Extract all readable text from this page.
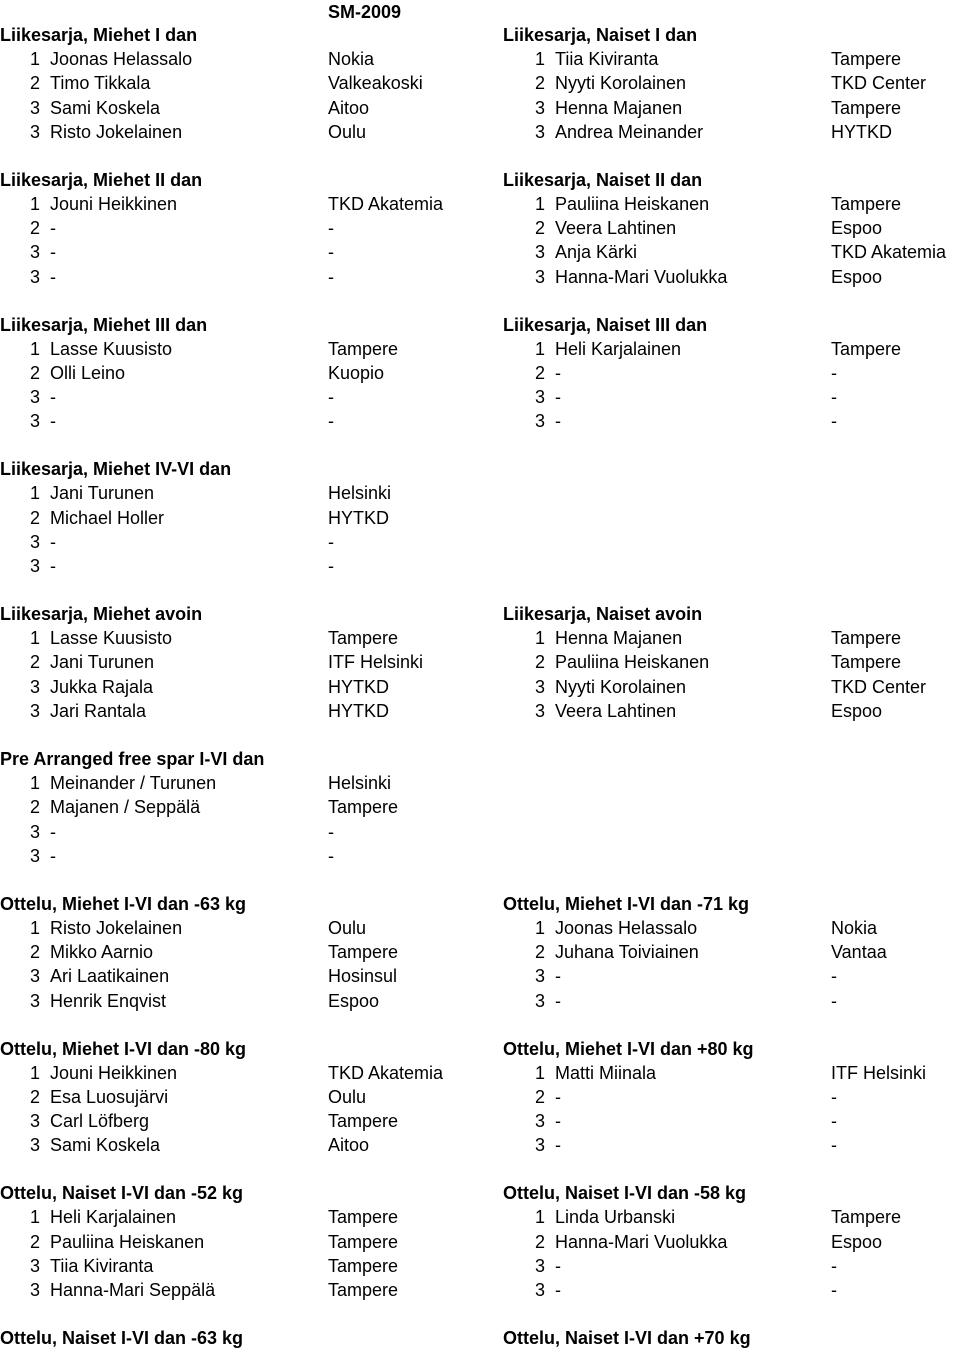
SM-2009
Liikesarja, Miehet I dan
1 Joonas Helassalo	Nokia
2 Timo Tikkala	Valkeakoski
3 Sami Koskela	Aitoo
3 Risto Jokelainen	Oulu
Liikesarja, Naiset I dan
1 Tiia Kiviranta	Tampere
2 Nyyti Korolainen	TKD Center
3 Henna Majanen	Tampere
3 Andrea Meinander	HYTKD
Liikesarja, Miehet II dan
1 Jouni Heikkinen	TKD Akatemia
2 -	-
3 -	-
3 -	-
Liikesarja, Naiset II dan
1 Pauliina Heiskanen	Tampere
2 Veera Lahtinen	Espoo
3 Anja Kärki	TKD Akatemia
3 Hanna-Mari Vuolukka	Espoo
Liikesarja, Miehet III dan
1 Lasse Kuusisto	Tampere
2 Olli Leino	Kuopio
3 -	-
3 -	-
Liikesarja, Naiset III dan
1 Heli Karjalainen	Tampere
2 -	-
3 -	-
3 -	-
Liikesarja, Miehet IV-VI dan
1 Jani Turunen	Helsinki
2 Michael Holler	HYTKD
3 -	-
3 -	-
Liikesarja, Miehet avoin
1 Lasse Kuusisto	Tampere
2 Jani Turunen	ITF Helsinki
3 Jukka Rajala	HYTKD
3 Jari Rantala	HYTKD
Liikesarja, Naiset avoin
1 Henna Majanen	Tampere
2 Pauliina Heiskanen	Tampere
3 Nyyti Korolainen	TKD Center
3 Veera Lahtinen	Espoo
Pre Arranged free spar I-VI dan
1 Meinander / Turunen	Helsinki
2 Majanen / Seppälä	Tampere
3 -	-
3 -	-
Ottelu, Miehet I-VI dan -63 kg
1 Risto Jokelainen	Oulu
2 Mikko Aarnio	Tampere
3 Ari Laatikainen	Hosinsul
3 Henrik Enqvist	Espoo
Ottelu, Miehet I-VI dan -71 kg
1 Joonas Helassalo	Nokia
2 Juhana Toiviainen	Vantaa
3 -	-
3 -	-
Ottelu, Miehet I-VI dan -80 kg
1 Jouni Heikkinen	TKD Akatemia
2 Esa Luosujärvi	Oulu
3 Carl Löfberg	Tampere
3 Sami Koskela	Aitoo
Ottelu, Miehet I-VI dan +80 kg
1 Matti Miinala	ITF Helsinki
2 -	-
3 -	-
3 -	-
Ottelu, Naiset I-VI dan -52 kg
1 Heli Karjalainen	Tampere
2 Pauliina Heiskanen	Tampere
3 Tiia Kiviranta	Tampere
3 Hanna-Mari Seppälä	Tampere
Ottelu, Naiset I-VI dan -58 kg
1 Linda Urbanski	Tampere
2 Hanna-Mari Vuolukka	Espoo
3 -	-
3 -	-
Ottelu, Naiset I-VI dan -63 kg	Ottelu, Naiset I-VI dan +70 kg
